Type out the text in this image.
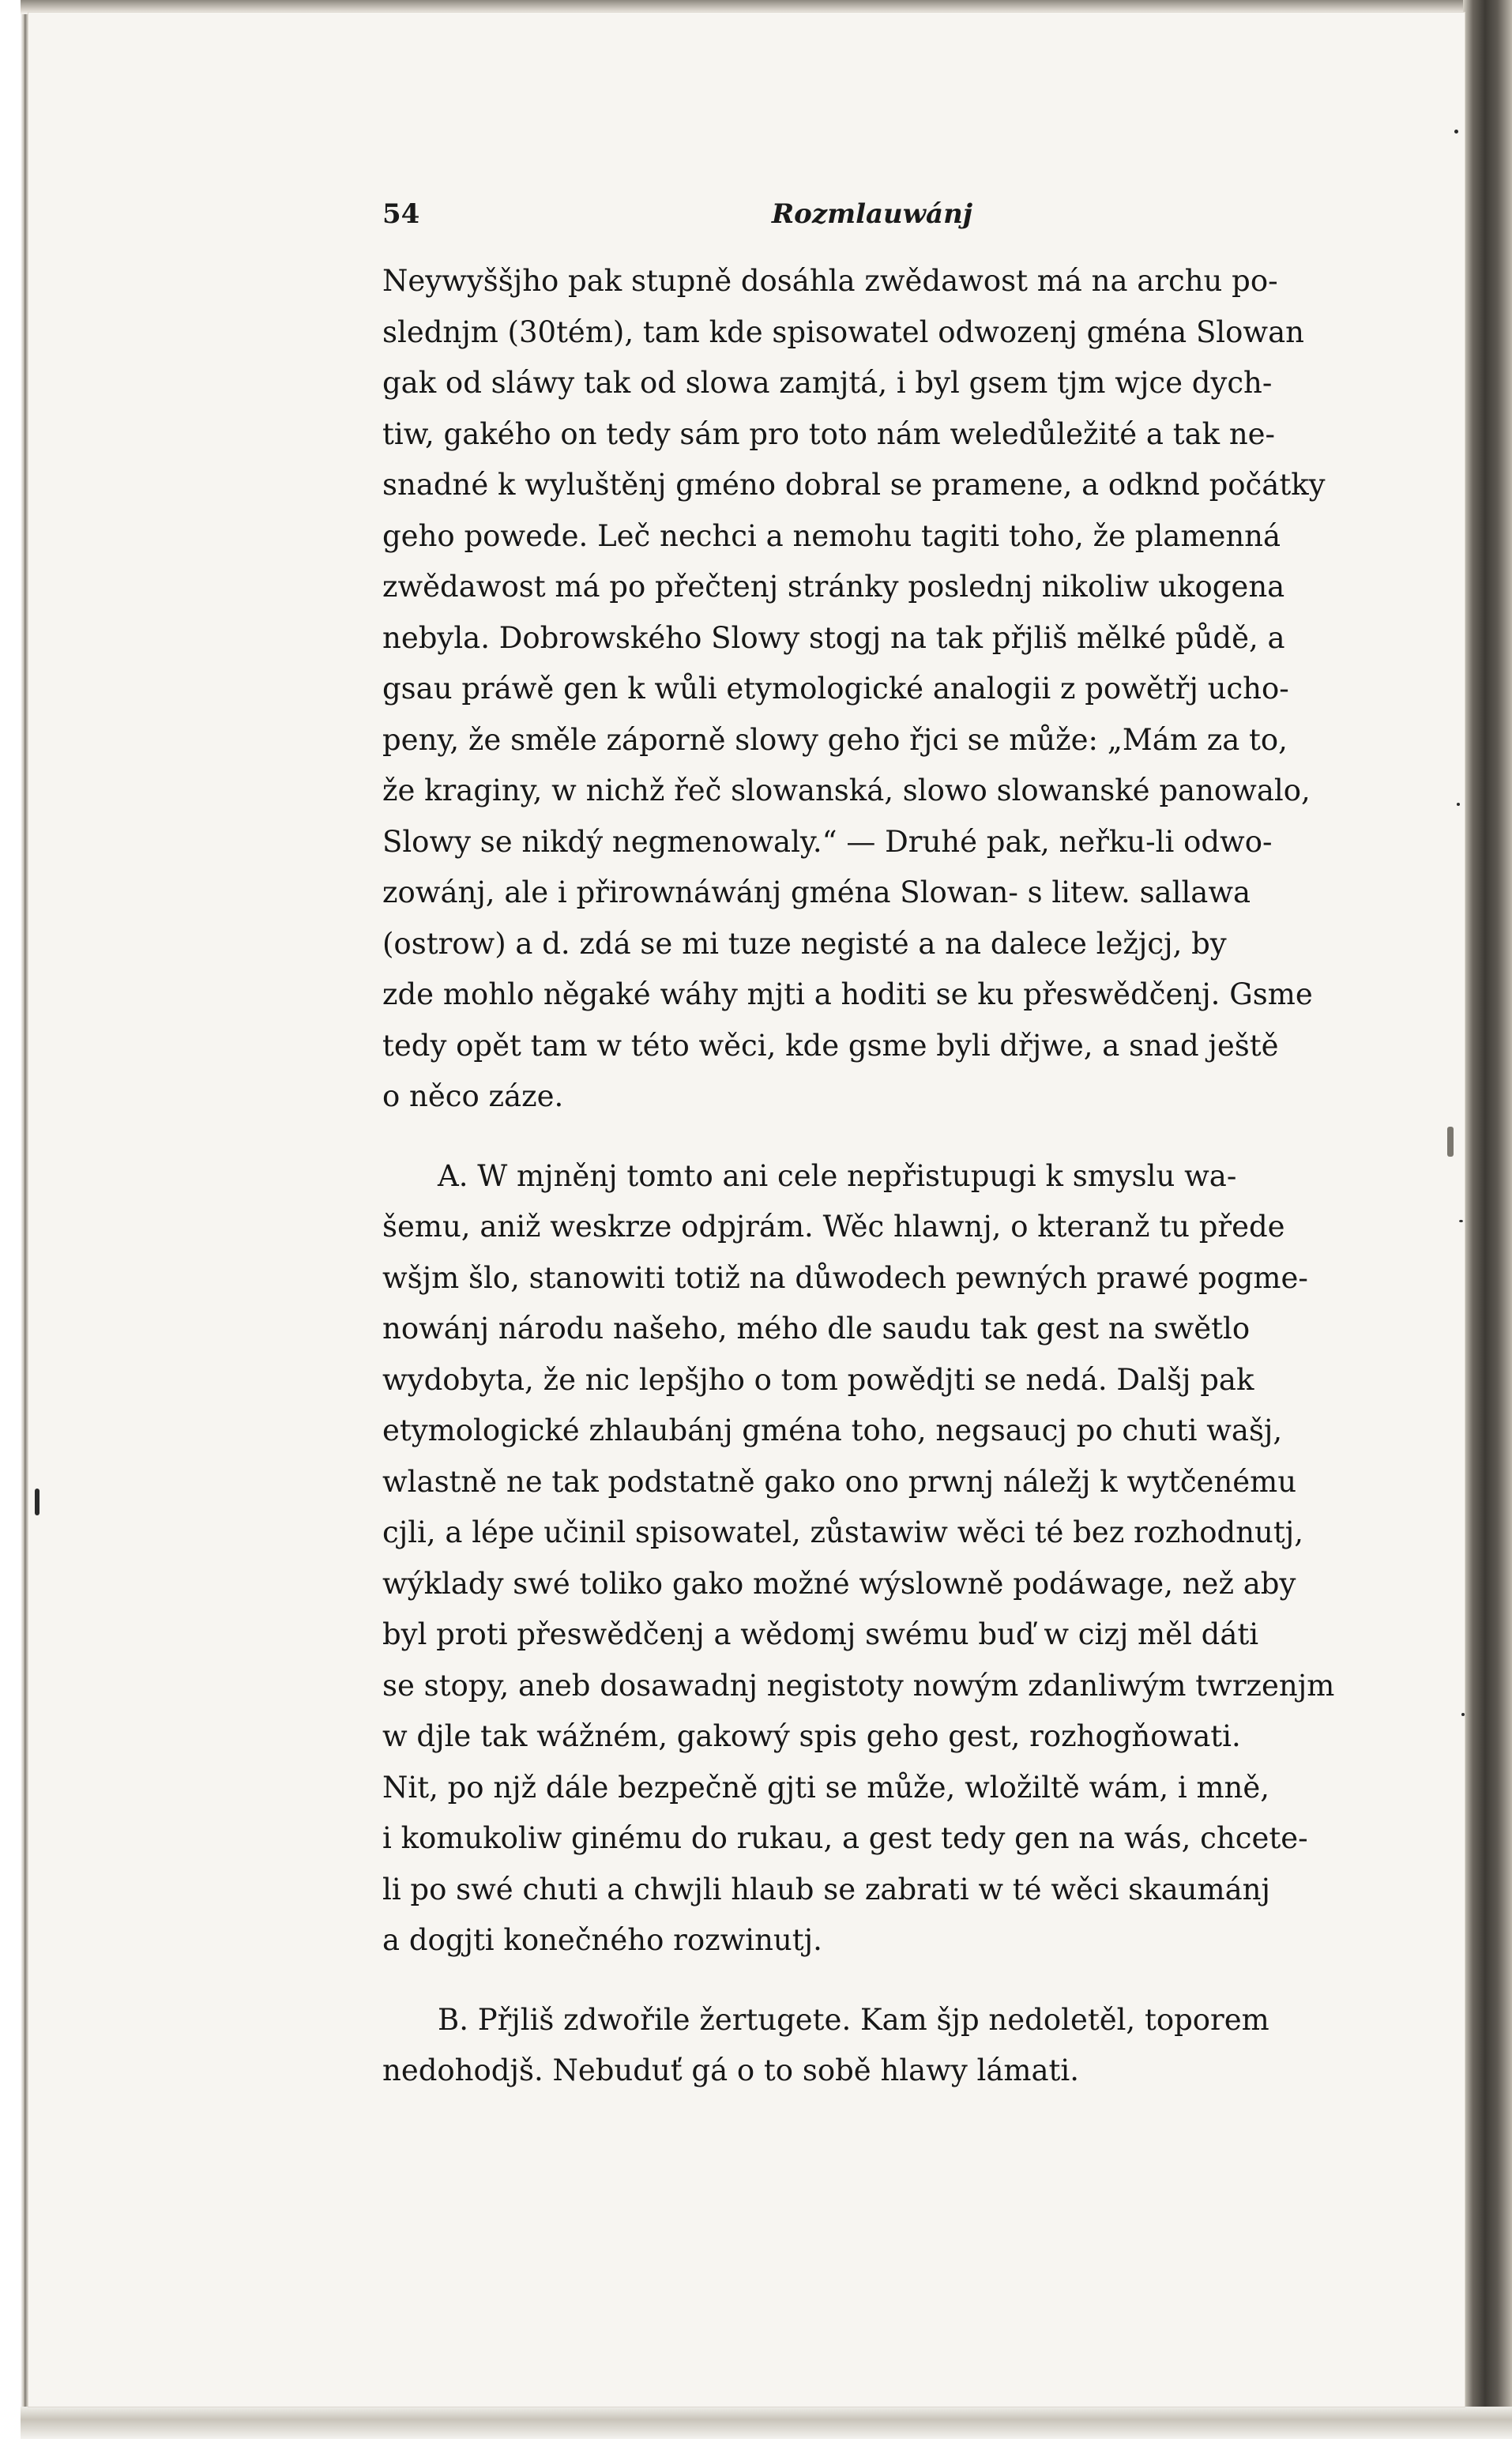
54	Rozmlauwánj
Neywyššjho pak stupně dosáhla zwědawost má na archu po-
slednjm (30tém), tam kde spisowatel odwozenj gména Slowan
gak od sláwy tak od slowa zamjtá, i byl gsem tjm wjce dych-
tiw, gakého on tedy sám pro toto nám weledůležité a tak ne-
snadné k wyluštěnj gméno dobral se pramene, a odknd počátky
geho powede. Leč nechci a nemohu tagiti toho, že plamenná
zwědawost má po přečtenj stránky poslednj nikoliw ukogena
nebyla. Dobrowského Slowy stogj na tak přjliš mělké půdě, a
gsau práwě gen k wůli etymologické analogii z powětřj ucho-
peny, že směle záporně slowy geho řjci se může: „Mám za to,
že kraginy, w nichž řeč slowanská, slowo slowanské panowalo,
Slowy se nikdý negmenowaly.“ — Druhé pak, neřku-li odwo-
zowánj, ale i přirownáwánj gména Slowan- s litew. sallawa
(ostrow) a d. zdá se mi tuze negisté a na dalece ležjcj, by
zde mohlo něgaké wáhy mjti a hoditi se ku přeswědčenj. Gsme
tedy opět tam w této wěci, kde gsme byli dřjwe, a snad ještě
o něco záze.
A. W mjněnj tomto ani cele nepřistupugi k smyslu wa-
šemu, aniž weskrze odpjrám. Wěc hlawnj, o kteranž tu přede
wšjm šlo, stanowiti totiž na důwodech pewných prawé pogme-
nowánj národu našeho, mého dle saudu tak gest na swětlo
wydobyta, že nic lepšjho o tom powědjti se nedá. Dalšj pak
etymologické zhlaubánj gména toho, negsaucj po chuti wašj,
wlastně ne tak podstatně gako ono prwnj náležj k wytčenému
cjli, a lépe učinil spisowatel, zůstawiw wěci té bez rozhodnutj,
wýklady swé toliko gako možné wýslowně podáwage, než aby
byl proti přeswědčenj a wědomj swému buď w cizj měl dáti
se stopy, aneb dosawadnj negistoty nowým zdanliwým twrzenjm
w djle tak wážném, gakowý spis geho gest, rozhogňowati.
Nit, po njž dále bezpečně gjti se může, wložiltě wám, i mně,
i komukoliw ginému do rukau, a gest tedy gen na wás, chcete-
li po swé chuti a chwjli hlaub se zabrati w té wěci skaumánj
a dogjti konečného rozwinutj.
B. Přjliš zdwořile žertugete. Kam šjp nedoletěl, toporem
nedohodjš. Nebuduť gá o to sobě hlawy lámati.
